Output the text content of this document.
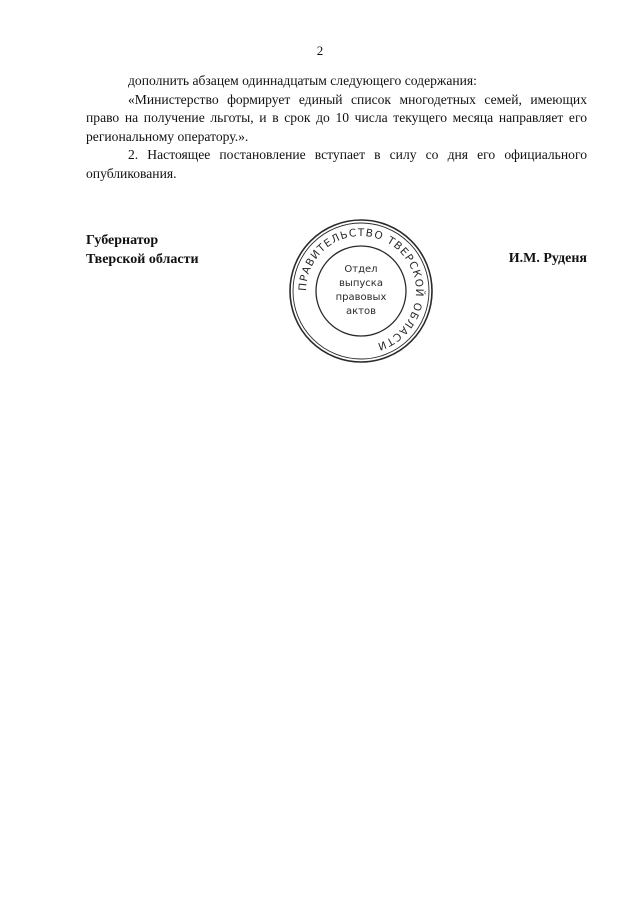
2

дополнить абзацем одиннадцатым следующего содержания:

«Министерство формирует единый список многодетных семей, имеющих право на получение льготы, и в срок до 10 числа текущего месяца направляет его региональному оператору.».

2. Настоящее постановление вступает в силу со дня его официального опубликования.

Губернатор
Тверской области	И.М. Руденя
ПРАВИТЕЛЬСТВО ТВЕРСКОЙ ОБЛАСТИ
Отдел
выпуска
правовых
актов
